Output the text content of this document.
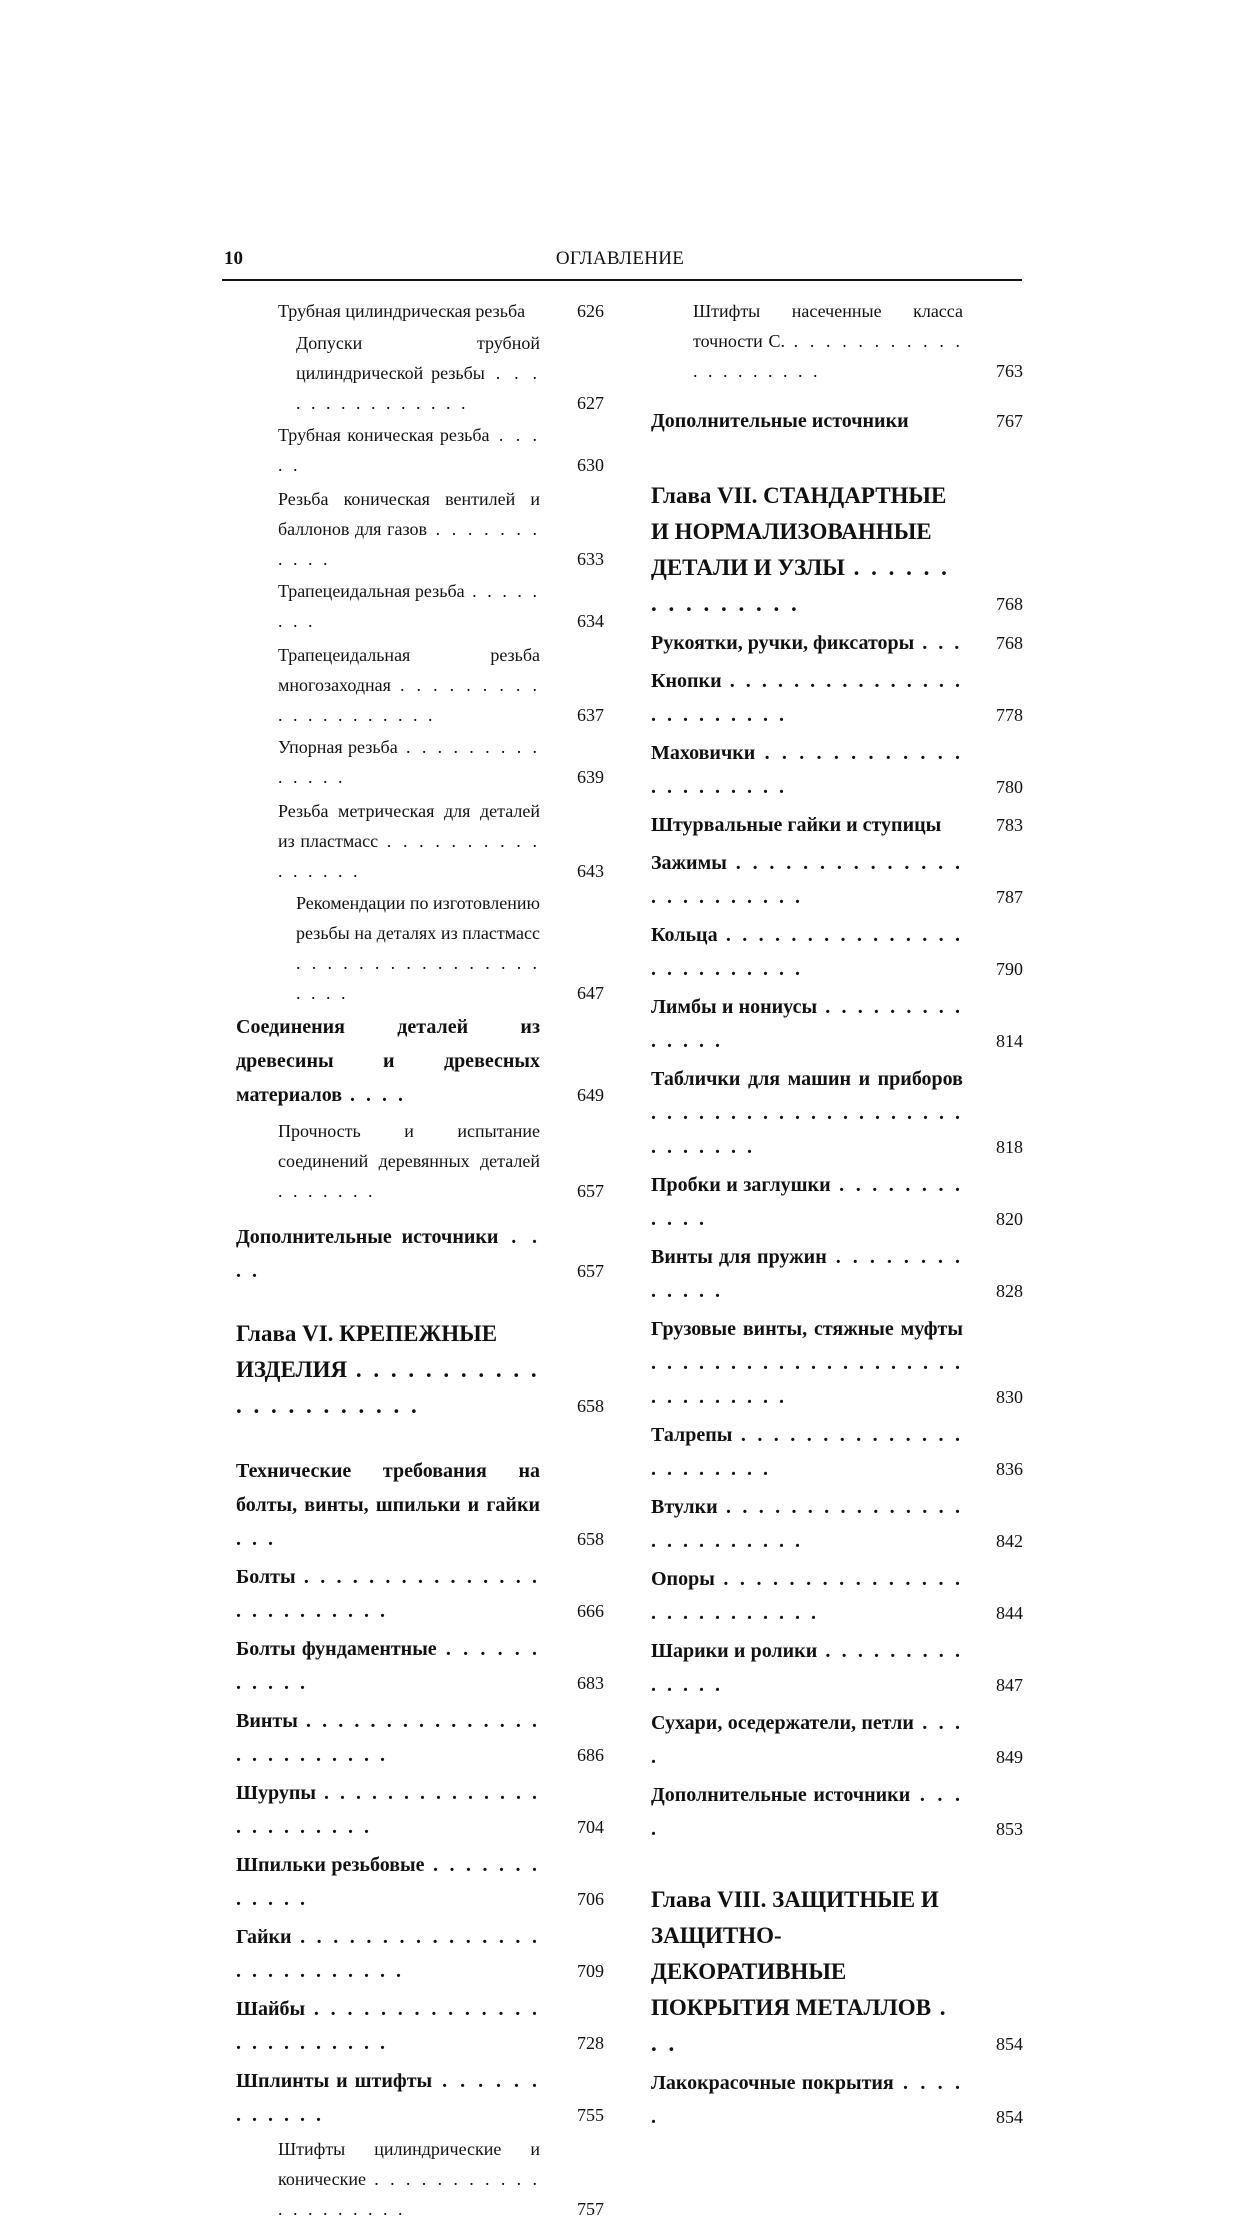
10	ОГЛАВЛЕНИЕ
Трубная цилиндрическая резьба	626
Допуски трубной цилиндрической резьбы . . . . . . . . . . . . . . .	627
Трубная коническая резьба . . . . .	630
Резьба коническая вентилей и баллонов для газов . . . . . . . . . . .	633
Трапецеидальная резьба . . . . . . . .	634
Трапецеидальная резьба многозаходная . . . . . . . . . . . . . . . . . . . .	637
Упорная резьба . . . . . . . . . . . . . .	639
Резьба метрическая для деталей из пластмасс . . . . . . . . . . . . . . . .	643
Рекомендации по изготовлению резьбы на деталях из пластмасс . . . . . . . . . . . . . . . . . . . .	647
Соединения деталей из древесины и древесных материалов . . . .	649
Прочность и испытание соединений деревянных деталей . . . . . . .	657
Дополнительные источники . . . .	657
Глава VI. КРЕПЕЖНЫЕ ИЗДЕЛИЯ . . . . . . . . . . . . . . . . . . . . . .	658
Технические требования на болты, винты, шпильки и гайки . . .	658
Болты . . . . . . . . . . . . . . . . . . . . . . . . .	666
Болты фундаментные . . . . . . . . . . .	683
Винты . . . . . . . . . . . . . . . . . . . . . . . . .	686
Шурупы . . . . . . . . . . . . . . . . . . . . . . .	704
Шпильки резьбовые . . . . . . . . . . . .	706
Гайки . . . . . . . . . . . . . . . . . . . . . . . . . .	709
Шайбы . . . . . . . . . . . . . . . . . . . . . . . .	728
Шплинты и штифты . . . . . . . . . . . .	755
Штифты цилиндрические и конические . . . . . . . . . . . . . . . . . . . .	757
Штифты насеченные класса точности С. . . . . . . . . . . . . . . . . . . . .	763
Дополнительные источники	767
Глава VII. СТАНДАРТНЫЕ И НОРМАЛИЗОВАННЫЕ ДЕТАЛИ И УЗЛЫ . . . . . . . . . . . . . . .	768
Рукоятки, ручки, фиксаторы . . .	768
Кнопки . . . . . . . . . . . . . . . . . . . . . . . .	778
Маховички . . . . . . . . . . . . . . . . . . . . .	780
Штурвальные гайки и ступицы	783
Зажимы . . . . . . . . . . . . . . . . . . . . . . . .	787
Кольца . . . . . . . . . . . . . . . . . . . . . . . . .	790
Лимбы и нониусы . . . . . . . . . . . . . .	814
Таблички для машин и приборов . . . . . . . . . . . . . . . . . . . . . . . . . . .	818
Пробки и заглушки . . . . . . . . . . . .	820
Винты для пружин . . . . . . . . . . . . .	828
Грузовые винты, стяжные муфты . . . . . . . . . . . . . . . . . . . . . . . . . . . . .	830
Талрепы . . . . . . . . . . . . . . . . . . . . . .	836
Втулки . . . . . . . . . . . . . . . . . . . . . . . . .	842
Опоры . . . . . . . . . . . . . . . . . . . . . . . . . .	844
Шарики и ролики . . . . . . . . . . . . . .	847
Сухари, оседержатели, петли . . . .	849
Дополнительные источники . . . .	853
Глава VIII. ЗАЩИТНЫЕ И ЗАЩИТНО-ДЕКОРАТИВНЫЕ ПОКРЫТИЯ МЕТАЛЛОВ . . .	854
Лакокрасочные покрытия . . . . .	854
